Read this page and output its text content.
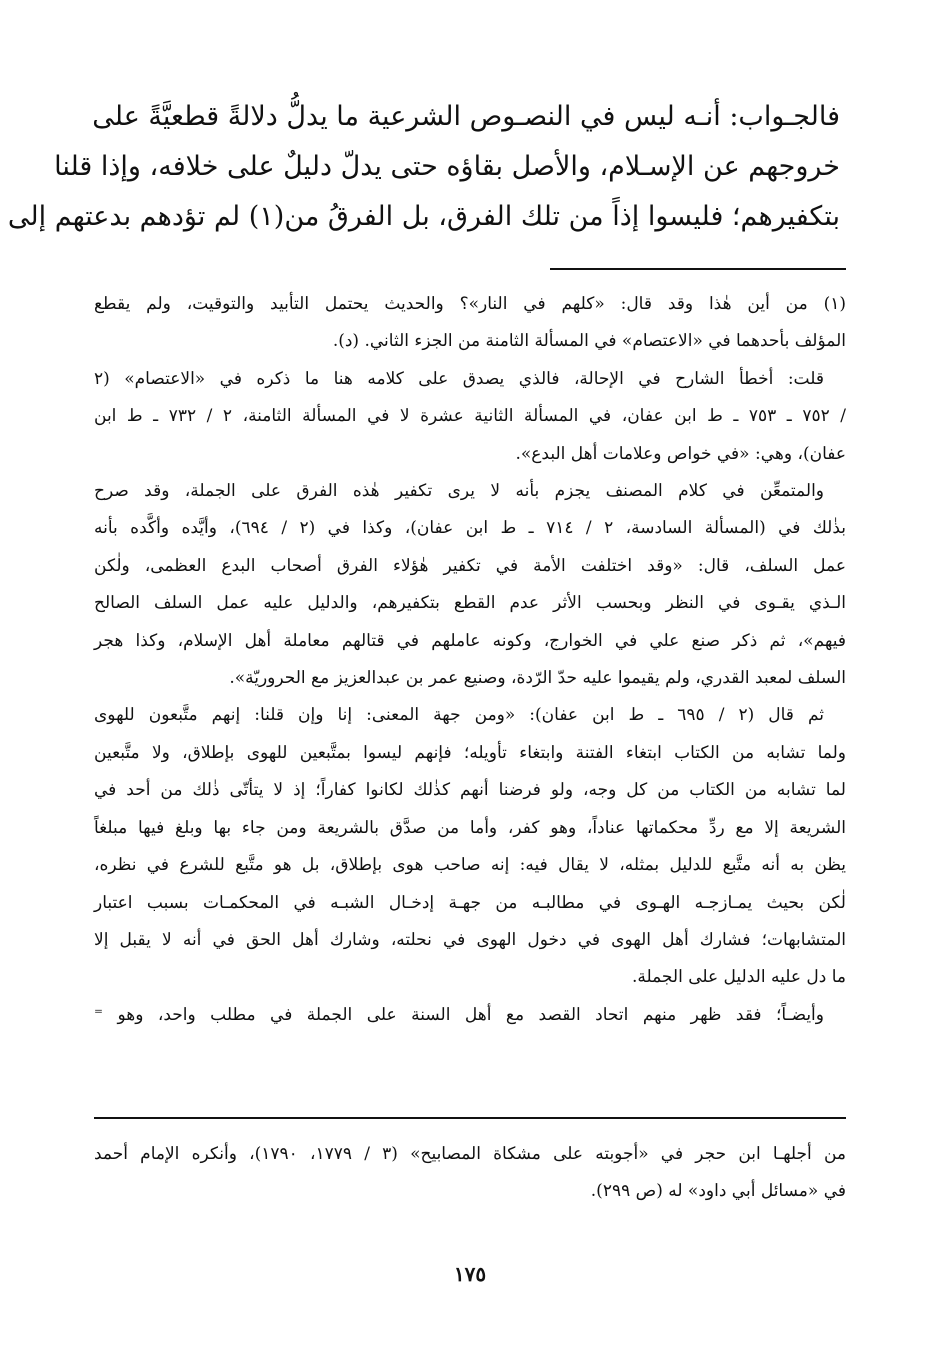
فالجـواب: أنـه ليس في النصـوص الشرعية ما يدلُّ دلالةً قطعيَّةً على
خروجهم عن الإسـلام، والأصل بقاؤه حتى يدلّ دليلٌ على خلافه، وإذا قلنا
بتكفيرهم؛ فليسوا إذاً من تلك الفرق، بل الفرقُ من(١) لم تؤدهم بدعتهم إلى
(١) من أين هٰذا وقد قال: «كلهم في النار»؟ والحديث يحتمل التأبيد والتوقيت، ولم يقطع
المؤلف بأحدهما في «الاعتصام» في المسألة الثامنة من الجزء الثاني. (د).
قلت: أخطأ الشارح في الإحالة، فالذي يصدق على كلامه هنا ما ذكره في «الاعتصام» (٢
/ ٧٥٢ ـ ٧٥٣ ـ ط ابن عفان، في المسألة الثانية عشرة لا في المسألة الثامنة، ٢ / ٧٣٢ ـ ط ابن
عفان)، وهي: «في خواص وعلامات أهل البدع».
والمتمعِّن في كلام المصنف يجزم بأنه لا يرى تكفير هٰذه الفرق على الجملة، وقد صرح
بذٰلك في (المسألة السادسة، ٢ / ٧١٤ ـ ط ابن عفان)، وكذا في (٢ / ٦٩٤)، وأيَّده وأكَّده بأنه
عمل السلف، قال: «وقد اختلفت الأمة في تكفير هٰؤلاء الفرق أصحاب البدع العظمى، ولٰكن
الـذي يقـوى في النظر وبحسب الأثر عدم القطع بتكفيرهم، والدليل عليه عمل السلف الصالح
فيهم»، ثم ذكر صنع علي في الخوارج، وكونه عاملهم في قتالهم معاملة أهل الإسلام، وكذا هجر
السلف لمعبد القدري، ولم يقيموا عليه حدّ الرّدة، وصنيع عمر بن عبدالعزيز مع الحروريّة».
ثم قال (٢ / ٦٩٥ ـ ط ابن عفان): «ومن جهة المعنى: إنا وإن قلنا: إنهم متَّبعون للهوى
ولما تشابه من الكتاب ابتغاء الفتنة وابتغاء تأويله؛ فإنهم ليسوا بمتَّبعين للهوى بإطلاق، ولا متَّبعين
لما تشابه من الكتاب من كل وجه، ولو فرضنا أنهم كذٰلك لكانوا كفاراً؛ إذ لا يتأتّى ذٰلك من أحد في
الشريعة إلا مع ردِّ محكماتها عناداً، وهو كفر، وأما من صدَّق بالشريعة ومن جاء بها وبلغ فيها مبلغاً
يظن به أنه متَّبع للدليل بمثله، لا يقال فيه: إنه صاحب هوى بإطلاق، بل هو متَّبع للشرع في نظره،
لٰكن بحيث يمـازجـه الهـوى في مطالبـه من جهـة إدخـال الشبـه في المحكمـات بسبب اعتبار
المتشابهات؛ فشارك أهل الهوى في دخول الهوى في نحلته، وشارك أهل الحق في أنه لا يقبل إلا
ما دل عليه الدليل على الجملة.
وأيضـاً؛ فقد ظهر منهم اتحاد القصد مع أهل السنة على الجملة في مطلب واحد، وهو ⁼
من أجلهـا ابن حجر في «أجوبته على مشكاة المصابيح» (٣ / ١٧٧٩، ١٧٩٠)، وأنكره الإمام أحمد
في «مسائل أبي داود» له (ص ٢٩٩).
١٧٥
